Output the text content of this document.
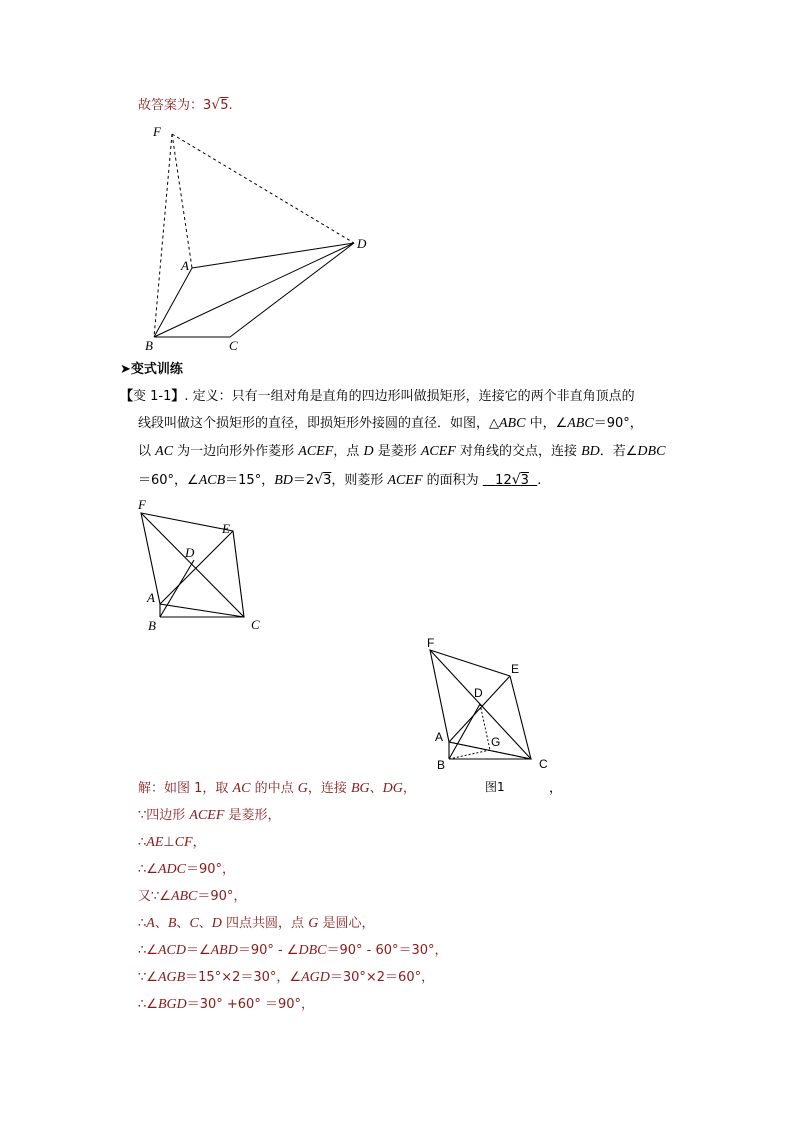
故答案为：3√5.
F
A
D
B	C
➤变式训练
【变 1-1】. 定义：只有一组对角是直角的四边形叫做损矩形，连接它的两个非直角顶点的
线段叫做这个损矩形的直径，即损矩形外接圆的直径．如图，△ABC 中，∠ABC＝90°，
以 AC 为一边向形外作菱形 ACEF，点 D 是菱形 ACEF 对角线的交点，连接 BD．若∠DBC
＝60°，∠ACB＝15°，BD＝2√3，则菱形 ACEF 的面积为    12√3 .
F
E
D
A
B	C
F
E
D
A	G
B	C
解：如图 1，取 AC 的中点 G，连接 BG、DG，	图1	，
∵四边形 ACEF 是菱形，
∴AE⊥CF，
∴∠ADC＝90°，
又∵∠ABC＝90°，
∴A、B、C、D 四点共圆，点 G 是圆心，
∴∠ACD＝∠ABD＝90° - ∠DBC＝90° - 60°＝30°，
∵∠AGB＝15°×2＝30°，∠AGD＝30°×2＝60°，
∴∠BGD＝30° +60° ＝90°，
